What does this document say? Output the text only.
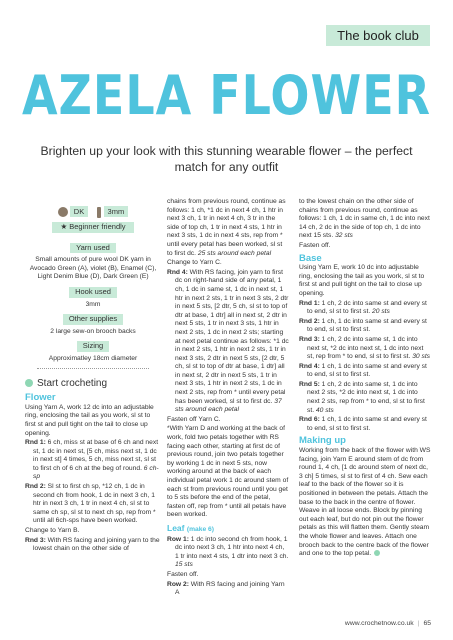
The book club
AZELA FLOWER
Brighten up your look with this stunning wearable flower – the perfect match for any outfit
DK	3mm
★ Beginner friendly
Yarn used

Small amounts of pure wool DK yarn in Avocado Green (A), violet (B), Enamel (C), Light Denim Blue (D), Dark Green (E)

Hook used

3mm

Other supplies

2 large sew-on brooch backs

Sizing

Approximatley 18cm diameter

Start crocheting
Flower

Using Yarn A, work 12 dc into an adjustable ring, enclosing the tail as you work, sl st to first st and pull tight on the tail to close up opening.

Rnd 1: 6 ch, miss st at base of 6 ch and next st, 1 dc in next st, [5 ch, miss next st, 1 dc in next st] 4 times, 5 ch, miss next st, sl st to first ch of 6 ch at the beg of round. 6 ch-sp

Rnd 2: Sl st to first ch sp, *12 ch, 1 dc in second ch from hook, 1 dc in next 3 ch, 1 htr in next 3 ch, 1 tr in next 4 ch, sl st to same ch sp, sl st to next ch sp, rep from * until all 6ch-sps have been worked.

Change to Yarn B.

Rnd 3: With RS facing and joining yarn to the lowest chain on the other side of

chains from previous round, continue as follows: 1 ch, *1 dc in next 4 ch, 1 htr in next 3 ch, 1 tr in next 4 ch, 3 tr in the side of top ch, 1 tr in next 4 sts, 1 htr in next 3 sts, 1 dc in next 4 sts, rep from * until every petal has been worked, sl st to first dc. 25 sts around each petal

Change to Yarn C.

Rnd 4: With RS facing, join yarn to first dc on right-hand side of any petal, 1 ch, 1 dc in same st, 1 dc in next st, 1 htr in next 2 sts, 1 tr in next 3 sts, 2 dtr in next 5 sts, [2 dtr, 5 ch, sl st to top of dtr at base, 1 dtr] all in next st, 2 dtr in next 5 sts, 1 tr in next 3 sts, 1 htr in next 2 sts, 1 dc in next 2 sts; starting at next petal continue as follows: *1 dc in next 2 sts, 1 htr in next 2 sts, 1 tr in next 3 sts, 2 dtr in next 5 sts, [2 dtr, 5 ch, sl st to top of dtr at base, 1 dtr] all in next st, 2 dtr in next 5 sts, 1 tr in next 3 sts, 1 htr in next 2 sts, 1 dc in next 2 sts, rep from * until every petal has been worked, sl st to first dc. 37 sts around each petal

Fasten off Yarn C.

*With Yarn D and working at the back of work, fold two petals together with RS facing each other, starting at first dc of previous round, join two petals together by working 1 dc in next 5 sts, now working around at the back of each individual petal work 1 dc around stem of each st from previous round until you get to 5 sts before the end of the petal, fasten off, rep from * until all petals have been worked.

Leaf (make 6)

Row 1: 1 dc into second ch from hook, 1 dc into next 3 ch, 1 htr into next 4 ch, 1 tr into next 4 sts, 1 dtr into next 3 ch. 15 sts

Fasten off.

Row 2: With RS facing and joining Yarn A

to the lowest chain on the other side of chains from previous round, continue as follows: 1 ch, 1 dc in same ch, 1 dc into next 14 ch, 2 dc in the side of top ch, 1 dc into next 15 sts. 32 sts

Fasten off.

Base

Using Yarn E, work 10 dc into adjustable ring, enclosing the tail as you work, sl st to first st and pull tight on the tail to close up opening.

Rnd 1: 1 ch, 2 dc into same st and every st to end, sl st to first st. 20 sts

Rnd 2: 1 ch, 1 dc into same st and every st to end, sl st to first st.

Rnd 3: 1 ch, 2 dc into same st, 1 dc into next st, *2 dc into next st, 1 dc into next st, rep from * to end, sl st to first st. 30 sts

Rnd 4: 1 ch, 1 dc into same st and every st to end, sl st to first st.

Rnd 5: 1 ch, 2 dc into same st, 1 dc into next 2 sts, *2 dc into next st, 1 dc into next 2 sts, rep from * to end, sl st to first st. 40 sts

Rnd 6: 1 ch, 1 dc into same st and every st to end, sl st to first st.

Making up

Working from the back of the flower with WS facing, join Yarn E around stem of dc from round 1, 4 ch, [1 dc around stem of next dc, 3 ch] 5 times, sl st to first of 4 ch. Sew each leaf to the back of the flower so it is positioned in between the petals. Attach the base to the back in the centre of flower. Weave in all loose ends. Block by pinning out each leaf, but do not pin out the flower petals as this will flatten them. Gently steam the whole flower and leaves. Attach one brooch back to the centre back of the flower and one to the top petal.

www.crochetnow.co.uk | 65
